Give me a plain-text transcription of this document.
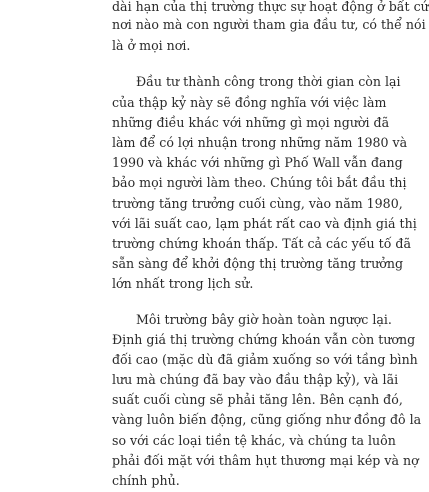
dài hạn của thị trường thực sự hoạt động ở bất cứ
nơi nào mà con người tham gia đầu tư, có thể nói
là ở mọi nơi.
Đầu tư thành công trong thời gian còn lại
của thập kỷ này sẽ đồng nghĩa với việc làm
những điều khác với những gì mọi người đã
làm để có lợi nhuận trong những năm 1980 và
1990 và khác với những gì Phố Wall vẫn đang
bảo mọi người làm theo. Chúng tôi bắt đầu thị
trường tăng trưởng cuối cùng, vào năm 1980,
với lãi suất cao, lạm phát rất cao và định giá thị
trường chứng khoán thấp. Tất cả các yếu tố đã
sẵn sàng để khởi động thị trường tăng trưởng
lớn nhất trong lịch sử.
Môi trường bây giờ hoàn toàn ngược lại.
Định giá thị trường chứng khoán vẫn còn tương
đối cao (mặc dù đã giảm xuống so với tầng bình
lưu mà chúng đã bay vào đầu thập kỷ), và lãi
suất cuối cùng sẽ phải tăng lên. Bên cạnh đó,
vàng luôn biến động, cũng giống như đồng đô la
so với các loại tiền tệ khác, và chúng ta luôn
phải đối mặt với thâm hụt thương mại kép và nợ
chính phủ.
